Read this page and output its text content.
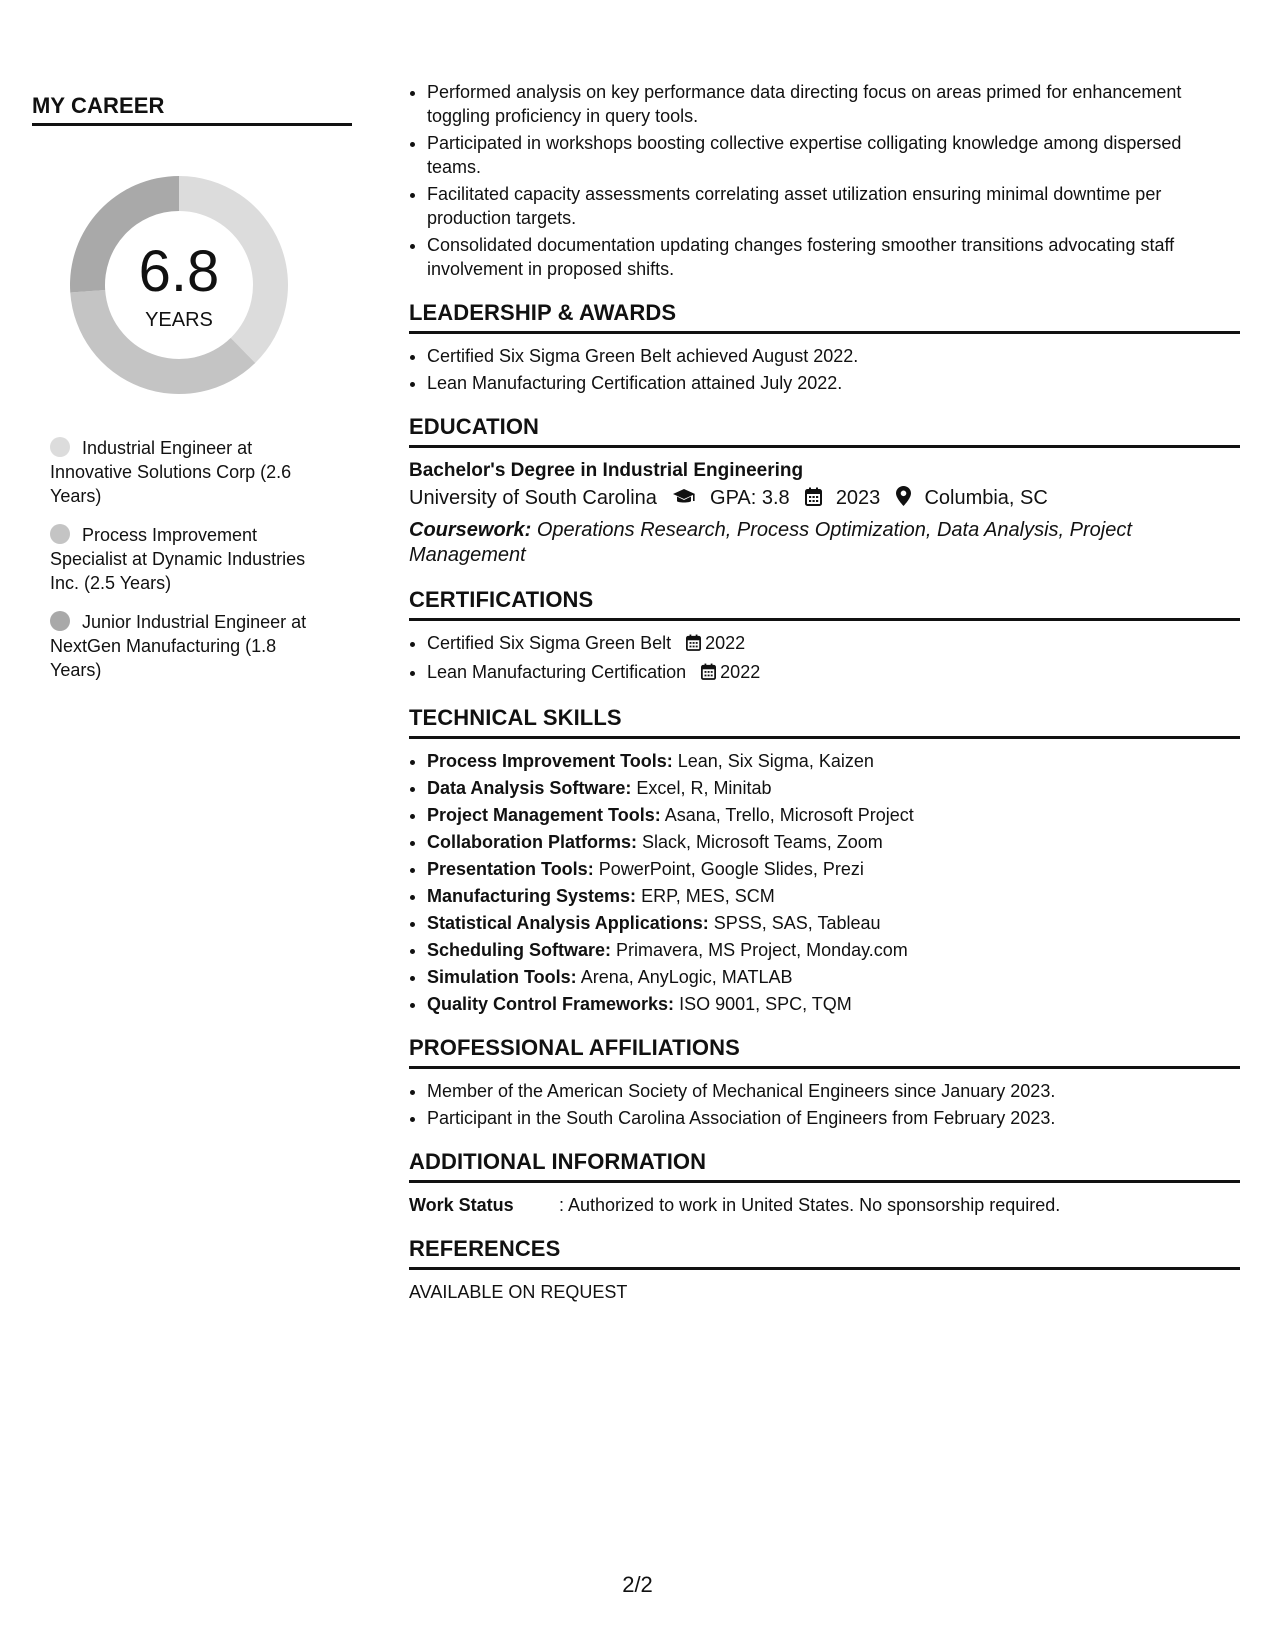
MY CAREER
6.8
YEARS
Industrial Engineer at Innovative Solutions Corp (2.6 Years)
Process Improvement Specialist at Dynamic Industries Inc. (2.5 Years)
Junior Industrial Engineer at NextGen Manufacturing (1.8 Years)
• Performed analysis on key performance data directing focus on areas primed for enhancement toggling proficiency in query tools.
• Participated in workshops boosting collective expertise colligating knowledge among dispersed teams.
• Facilitated capacity assessments correlating asset utilization ensuring minimal downtime per production targets.
• Consolidated documentation updating changes fostering smoother transitions advocating staff involvement in proposed shifts.
LEADERSHIP & AWARDS
• Certified Six Sigma Green Belt achieved August 2022.
• Lean Manufacturing Certification attained July 2022.
EDUCATION
Bachelor's Degree in Industrial Engineering
University of South Carolina	GPA: 3.8 2023 Columbia, SC
Coursework: Operations Research, Process Optimization, Data Analysis, Project Management
CERTIFICATIONS
• Certified Six Sigma Green Belt 2022
• Lean Manufacturing Certification 2022
TECHNICAL SKILLS
• Process Improvement Tools: Lean, Six Sigma, Kaizen
• Data Analysis Software: Excel, R, Minitab
• Project Management Tools: Asana, Trello, Microsoft Project
• Collaboration Platforms: Slack, Microsoft Teams, Zoom
• Presentation Tools: PowerPoint, Google Slides, Prezi
• Manufacturing Systems: ERP, MES, SCM
• Statistical Analysis Applications: SPSS, SAS, Tableau
• Scheduling Software: Primavera, MS Project, Monday.com
• Simulation Tools: Arena, AnyLogic, MATLAB
• Quality Control Frameworks: ISO 9001, SPC, TQM
PROFESSIONAL AFFILIATIONS
• Member of the American Society of Mechanical Engineers since January 2023.
• Participant in the South Carolina Association of Engineers from February 2023.
ADDITIONAL INFORMATION
Work Status	: Authorized to work in United States. No sponsorship required.
REFERENCES
AVAILABLE ON REQUEST
2/2
